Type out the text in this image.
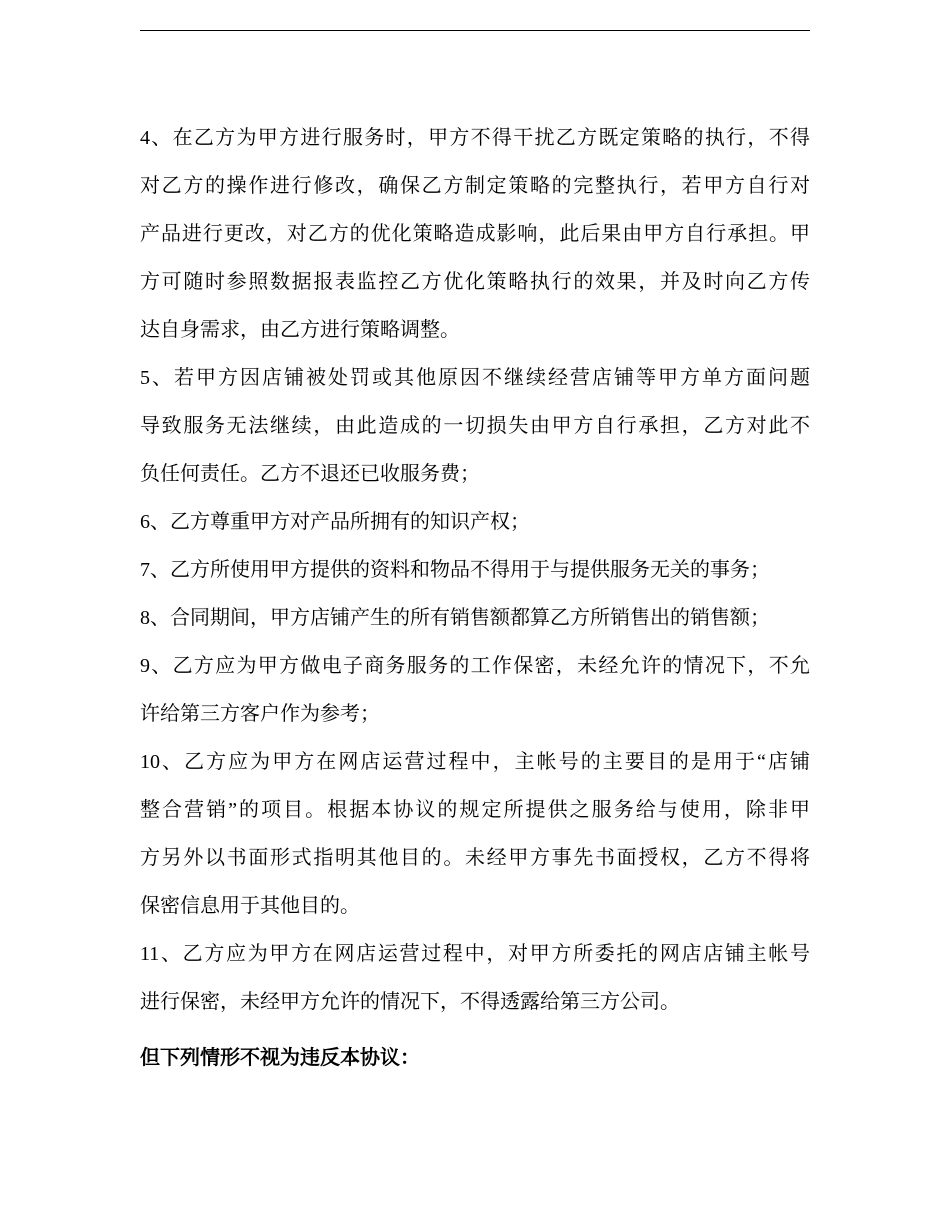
4、在乙方为甲方进行服务时，甲方不得干扰乙方既定策略的执行，不得
对乙方的操作进行修改，确保乙方制定策略的完整执行，若甲方自行对
产品进行更改，对乙方的优化策略造成影响，此后果由甲方自行承担。甲
方可随时参照数据报表监控乙方优化策略执行的效果，并及时向乙方传
达自身需求，由乙方进行策略调整。
5、若甲方因店铺被处罚或其他原因不继续经营店铺等甲方单方面问题
导致服务无法继续，由此造成的一切损失由甲方自行承担，乙方对此不
负任何责任。乙方不退还已收服务费；
6、乙方尊重甲方对产品所拥有的知识产权；
7、乙方所使用甲方提供的资料和物品不得用于与提供服务无关的事务；
8、合同期间，甲方店铺产生的所有销售额都算乙方所销售出的销售额；
9、乙方应为甲方做电子商务服务的工作保密，未经允许的情况下，不允
许给第三方客户作为参考；
10、乙方应为甲方在网店运营过程中，主帐号的主要目的是用于“店铺
整合营销”的项目。根据本协议的规定所提供之服务给与使用，除非甲
方另外以书面形式指明其他目的。未经甲方事先书面授权，乙方不得将
保密信息用于其他目的。
11、乙方应为甲方在网店运营过程中，对甲方所委托的网店店铺主帐号
进行保密，未经甲方允许的情况下，不得透露给第三方公司。
但下列情形不视为违反本协议：
